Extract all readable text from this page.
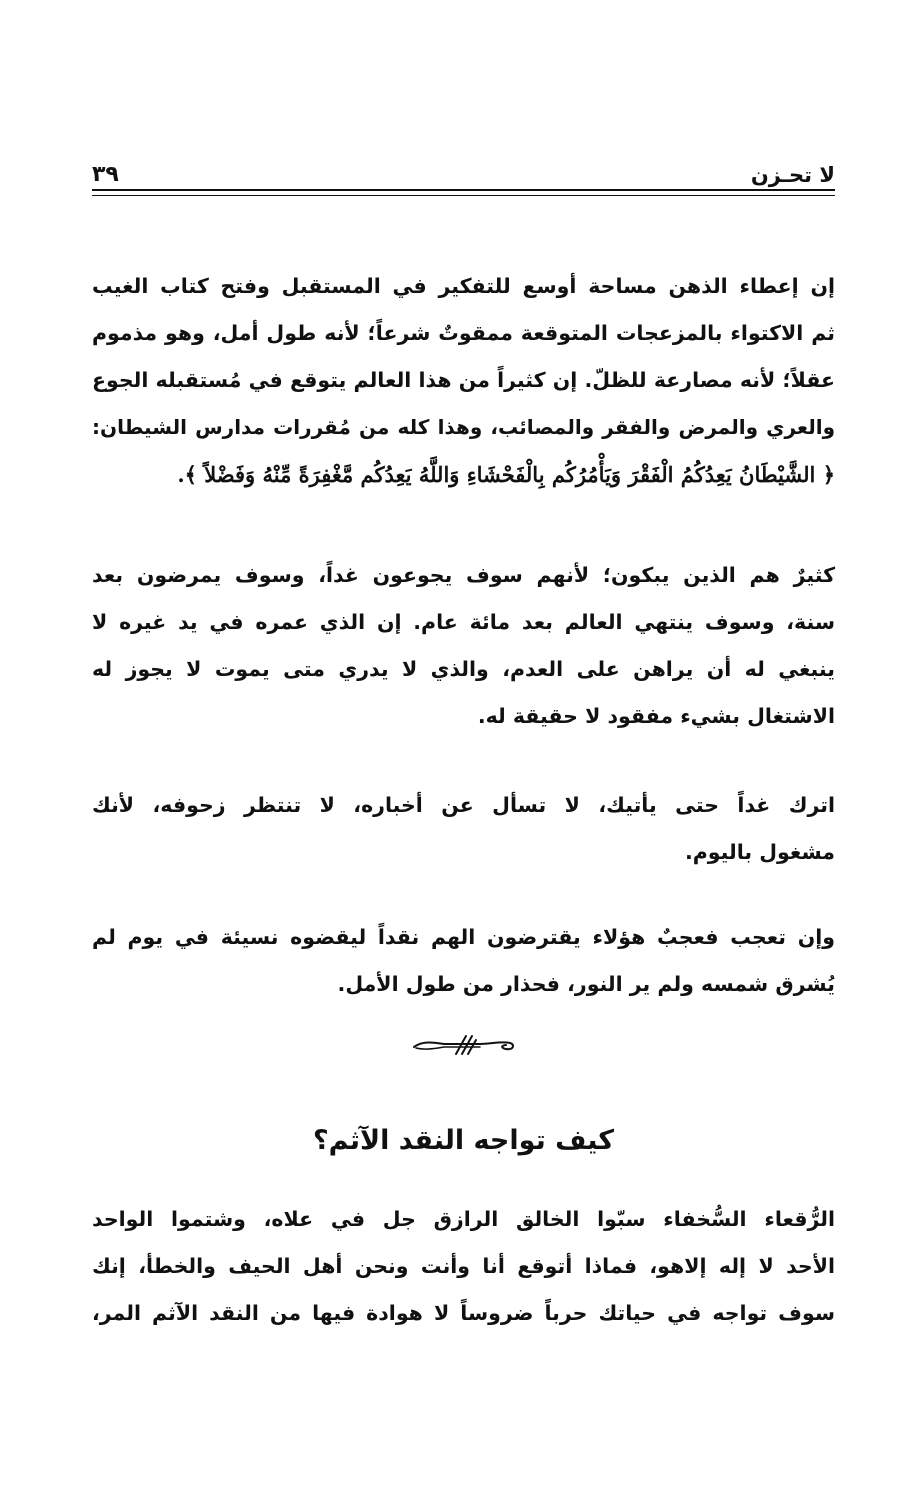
لا تحـزن
٣٩

إن إعطاء الذهن مساحة أوسع للتفكير في المستقبل وفتح كتاب الغيب
ثم الاكتواء بالمزعجات المتوقعة ممقوتٌ شرعاً؛ لأنه طول أمل، وهو مذموم
عقلاً؛ لأنه مصارعة للظلّ. إن كثيراً من هذا العالم يتوقع في مُستقبله الجوع
والعري والمرض والفقر والمصائب، وهذا كله من مُقررات مدارس الشيطان:
﴿ الشَّيْطَانُ يَعِدُكُمُ الْفَقْرَ وَيَأْمُرُكُم بِالْفَحْشَاءِ وَاللَّهُ يَعِدُكُم مَّغْفِرَةً مِّنْهُ وَفَضْلاً ﴾.

كثيرٌ هم الذين يبكون؛ لأنهم سوف يجوعون غداً، وسوف يمرضون بعد
سنة، وسوف ينتهي العالم بعد مائة عام. إن الذي عمره في يد غيره لا
ينبغي له أن يراهن على العدم، والذي لا يدري متى يموت لا يجوز له
الاشتغال بشيء مفقود لا حقيقة له.

اترك غداً حتى يأتيك، لا تسأل عن أخباره، لا تنتظر زحوفه، لأنك
مشغول باليوم.

وإن تعجب فعجبٌ هؤلاء يقترضون الهم نقداً ليقضوه نسيئة في يوم لم
يُشرق شمسه ولم ير النور، فحذار من طول الأمل.

كيف تواجه النقد الآثم؟

الرُّقعاء السُّخفاء سبّوا الخالق الرازق جل في علاه، وشتموا الواحد
الأحد لا إله إلاهو، فماذا أتوقع أنا وأنت ونحن أهل الحيف والخطأ، إنك
سوف تواجه في حياتك حرباً ضروساً لا هوادة فيها من النقد الآثم المر،
